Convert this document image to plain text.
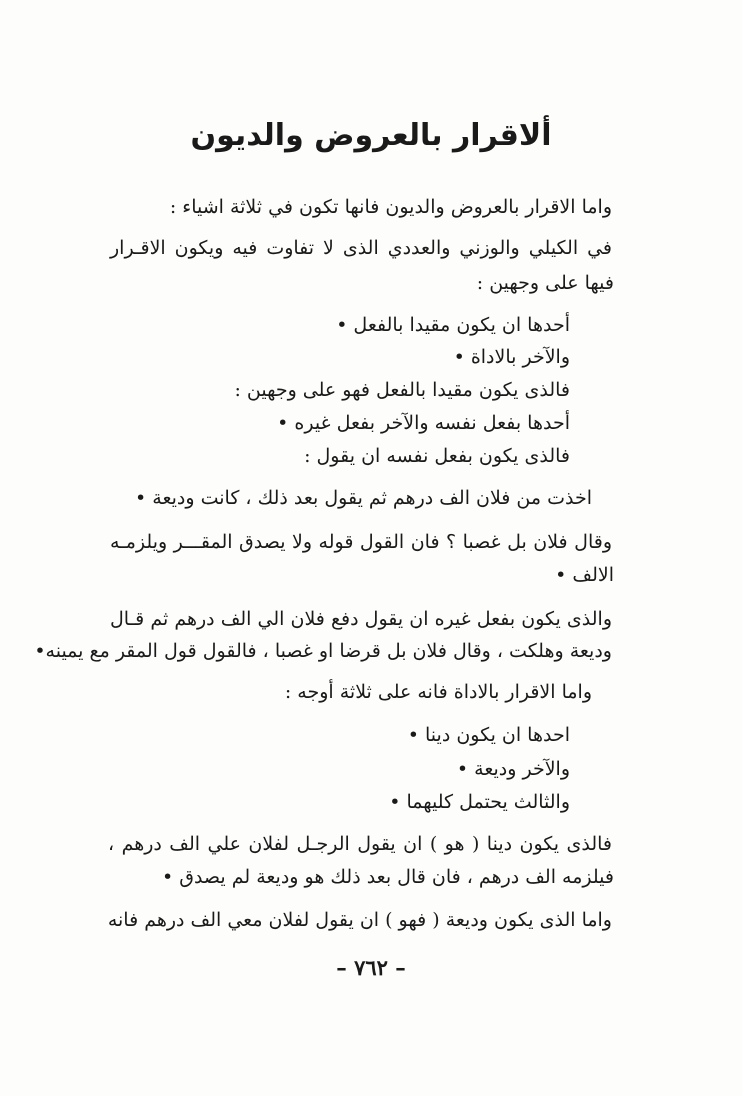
ألاقرار بالعروض والديون
واما الاقرار بالعروض والديون فانها تكون في ثلاثة اشياء :
في الكيلي والوزني والعددي الذى لا تفاوت فيه ويكون الاقـرار
فيها على وجهين :
أحدها ان يكون مقيدا بالفعل •
والآخر بالاداة •
فالذى يكون مقيدا بالفعل فهو على وجهين :
أحدها بفعل نفسه والآخر بفعل غيره •
فالذى يكون بفعل نفسه ان يقول :
اخذت من فلان الف درهم ثم يقول بعد ذلك ، كانت وديعة •
وقال فلان بل غصبا ؟ فان القول قوله ولا يصدق المقـــر ويلزمـه
الالف •
والذى يكون بفعل غيره ان يقول دفع فلان الي الف درهم ثم قـال
وديعة وهلكت ، وقال فلان بل قرضا او غصبا ، فالقول قول المقر مع يمينه•
واما الاقرار بالاداة فانه على ثلاثة أوجه :
احدها ان يكون دينا •
والآخر وديعة •
والثالث يحتمل كليهما •
فالذى يكون دينا ( هو ) ان يقول الرجـل لفلان علي الف درهم ،
فيلزمه الف درهم ، فان قال بعد ذلك هو وديعة لم يصدق •
واما الذى يكون وديعة ( فهو ) ان يقول لفلان معي الف درهم فانه
– ٧٦٢ –
